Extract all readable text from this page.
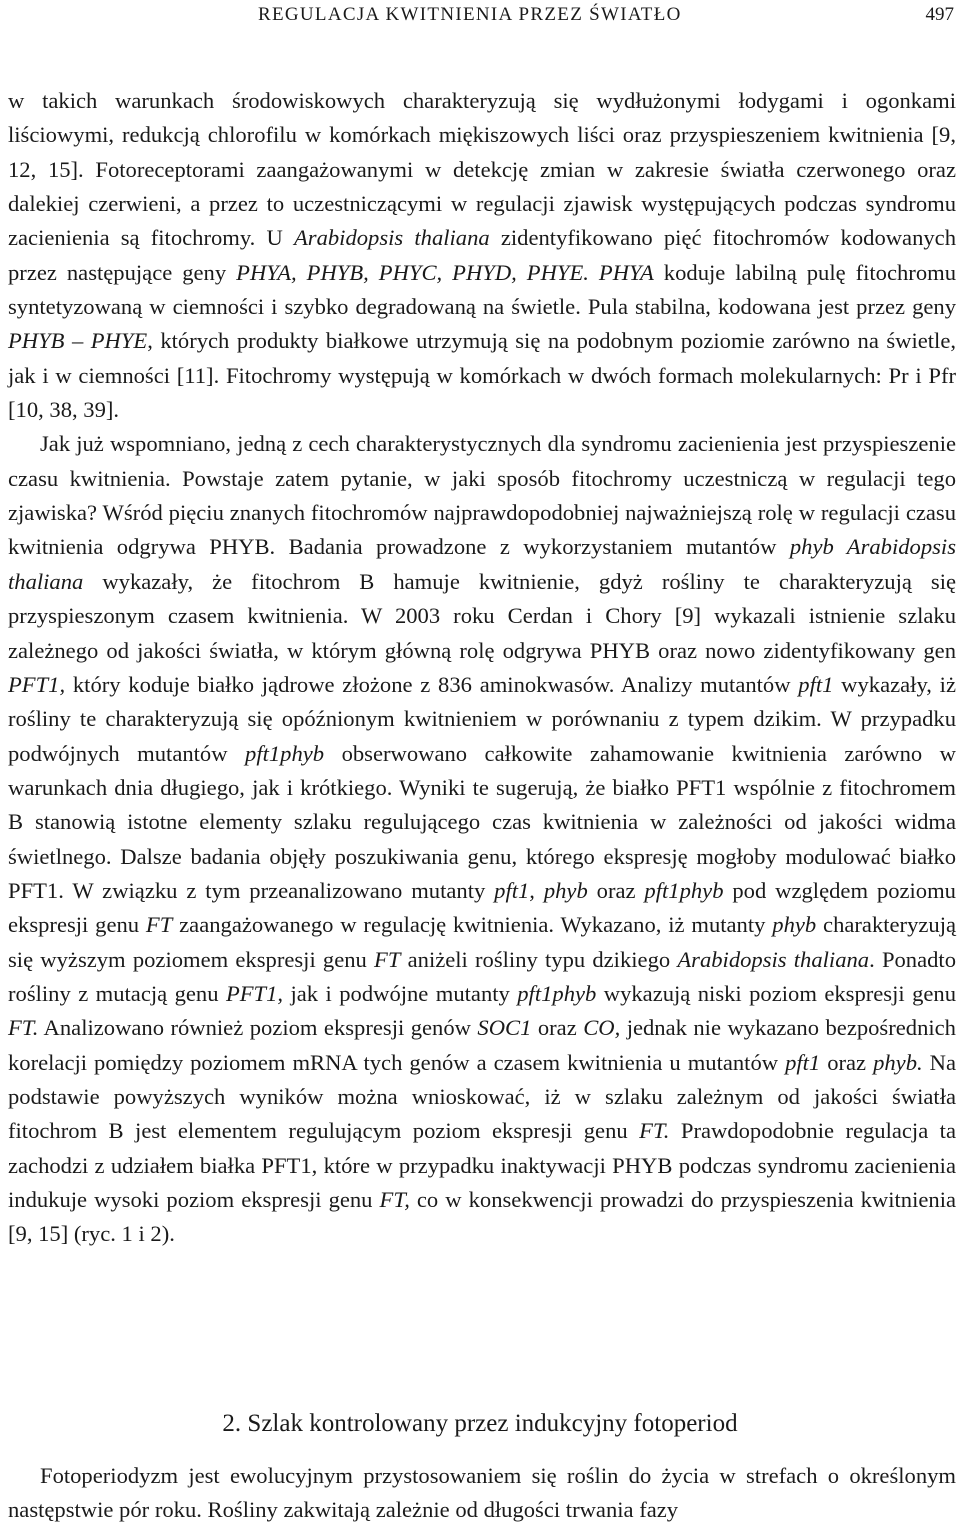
REGULACJA KWITNIENIA PRZEZ ŚWIATŁO	497

w takich warunkach środowiskowych charakteryzują się wydłużonymi łodygami i ogonkami liściowymi, redukcją chlorofilu w komórkach miękiszowych liści oraz przyspieszeniem kwitnienia [9, 12, 15]. Fotoreceptorami zaangażowanymi w detekcję zmian w zakresie światła czerwonego oraz dalekiej czerwieni, a przez to uczestniczącymi w regulacji zjawisk występujących podczas syndromu zacienienia są fitochromy. U Arabidopsis thaliana zidentyfikowano pięć fitochromów kodowanych przez następujące geny PHYA, PHYB, PHYC, PHYD, PHYE. PHYA koduje labilną pulę fitochromu syntetyzowaną w ciemności i szybko degradowaną na świetle. Pula stabilna, kodowana jest przez geny PHYB – PHYE, których produkty białkowe utrzymują się na podobnym poziomie zarówno na świetle, jak i w ciemności [11]. Fitochromy występują w komórkach w dwóch formach molekularnych: Pr i Pfr [10, 38, 39].

Jak już wspomniano, jedną z cech charakterystycznych dla syndromu zacienienia jest przyspieszenie czasu kwitnienia. Powstaje zatem pytanie, w jaki sposób fitochromy uczestniczą w regulacji tego zjawiska? Wśród pięciu znanych fitochromów najprawdopodobniej najważniejszą rolę w regulacji czasu kwitnienia odgrywa PHYB. Badania prowadzone z wykorzystaniem mutantów phyb Arabidopsis thaliana wykazały, że fitochrom B hamuje kwitnienie, gdyż rośliny te charakteryzują się przyspieszonym czasem kwitnienia. W 2003 roku Cerdan i Chory [9] wykazali istnienie szlaku zależnego od jakości światła, w którym główną rolę odgrywa PHYB oraz nowo zidentyfikowany gen PFT1, który koduje białko jądrowe złożone z 836 aminokwasów. Analizy mutantów pft1 wykazały, iż rośliny te charakteryzują się opóźnionym kwitnieniem w porównaniu z typem dzikim. W przypadku podwójnych mutantów pft1phyb obserwowano całkowite zahamowanie kwitnienia zarówno w warunkach dnia długiego, jak i krótkiego. Wyniki te sugerują, że białko PFT1 wspólnie z fitochromem B stanowią istotne elementy szlaku regulującego czas kwitnienia w zależności od jakości widma świetlnego. Dalsze badania objęły poszukiwania genu, którego ekspresję mogłoby modulować białko PFT1. W związku z tym przeanalizowano mutanty pft1, phyb oraz pft1phyb pod względem poziomu ekspresji genu FT zaangażowanego w regulację kwitnienia. Wykazano, iż mutanty phyb charakteryzują się wyższym poziomem ekspresji genu FT aniżeli rośliny typu dzikiego Arabidopsis thaliana. Ponadto rośliny z mutacją genu PFT1, jak i podwójne mutanty pft1phyb wykazują niski poziom ekspresji genu FT. Analizowano również poziom ekspresji genów SOC1 oraz CO, jednak nie wykazano bezpośrednich korelacji pomiędzy poziomem mRNA tych genów a czasem kwitnienia u mutantów pft1 oraz phyb. Na podstawie powyższych wyników można wnioskować, iż w szlaku zależnym od jakości światła fitochrom B jest elementem regulującym poziom ekspresji genu FT. Prawdopodobnie regulacja ta zachodzi z udziałem białka PFT1, które w przypadku inaktywacji PHYB podczas syndromu zacienienia indukuje wysoki poziom ekspresji genu FT, co w konsekwencji prowadzi do przyspieszenia kwitnienia [9, 15] (ryc. 1 i 2).

2. Szlak kontrolowany przez indukcyjny fotoperiod

Fotoperiodyzm jest ewolucyjnym przystosowaniem się roślin do życia w strefach o określonym następstwie pór roku. Rośliny zakwitają zależnie od długości trwania fazy
